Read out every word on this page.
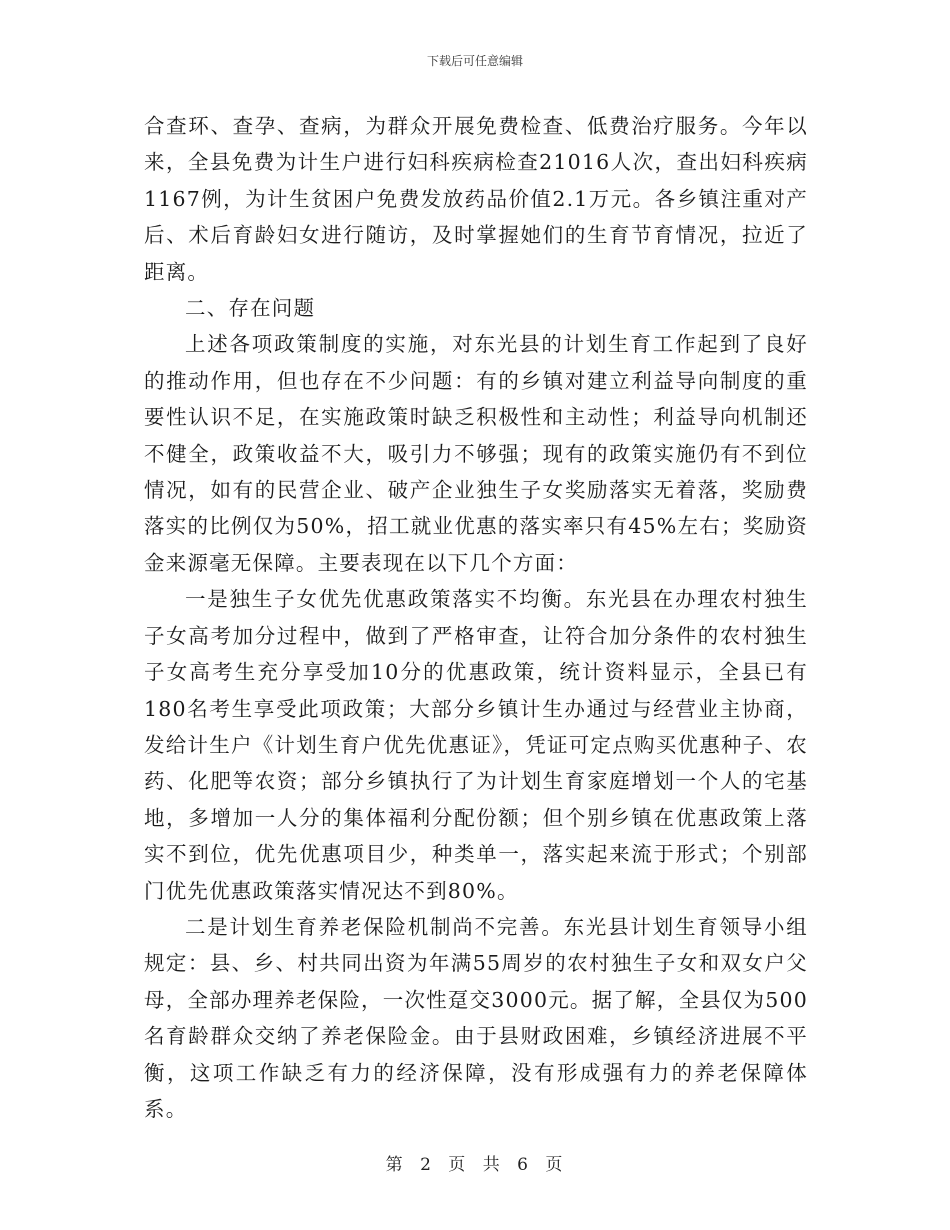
下载后可任意编辑

合查环、查孕、查病，为群众开展免费检查、低费治疗服务。今年以来，全县免费为计生户进行妇科疾病检查21016人次，查出妇科疾病1167例，为计生贫困户免费发放药品价值2.1万元。各乡镇注重对产后、术后育龄妇女进行随访，及时掌握她们的生育节育情况，拉近了距离。

二、存在问题

上述各项政策制度的实施，对东光县的计划生育工作起到了良好的推动作用，但也存在不少问题：有的乡镇对建立利益导向制度的重要性认识不足，在实施政策时缺乏积极性和主动性；利益导向机制还不健全，政策收益不大，吸引力不够强；现有的政策实施仍有不到位情况，如有的民营企业、破产企业独生子女奖励落实无着落，奖励费落实的比例仅为50%，招工就业优惠的落实率只有45%左右；奖励资金来源毫无保障。主要表现在以下几个方面：

一是独生子女优先优惠政策落实不均衡。东光县在办理农村独生子女高考加分过程中，做到了严格审查，让符合加分条件的农村独生子女高考生充分享受加10分的优惠政策，统计资料显示，全县已有180名考生享受此项政策；大部分乡镇计生办通过与经营业主协商，发给计生户《计划生育户优先优惠证》，凭证可定点购买优惠种子、农药、化肥等农资；部分乡镇执行了为计划生育家庭增划一个人的宅基地，多增加一人分的集体福利分配份额；但个别乡镇在优惠政策上落实不到位，优先优惠项目少，种类单一，落实起来流于形式；个别部门优先优惠政策落实情况达不到80%。

二是计划生育养老保险机制尚不完善。东光县计划生育领导小组规定：县、乡、村共同出资为年满55周岁的农村独生子女和双女户父母，全部办理养老保险，一次性趸交3000元。据了解，全县仅为500名育龄群众交纳了养老保险金。由于县财政困难，乡镇经济进展不平衡，这项工作缺乏有力的经济保障，没有形成强有力的养老保障体系。

第 2 页 共 6 页
